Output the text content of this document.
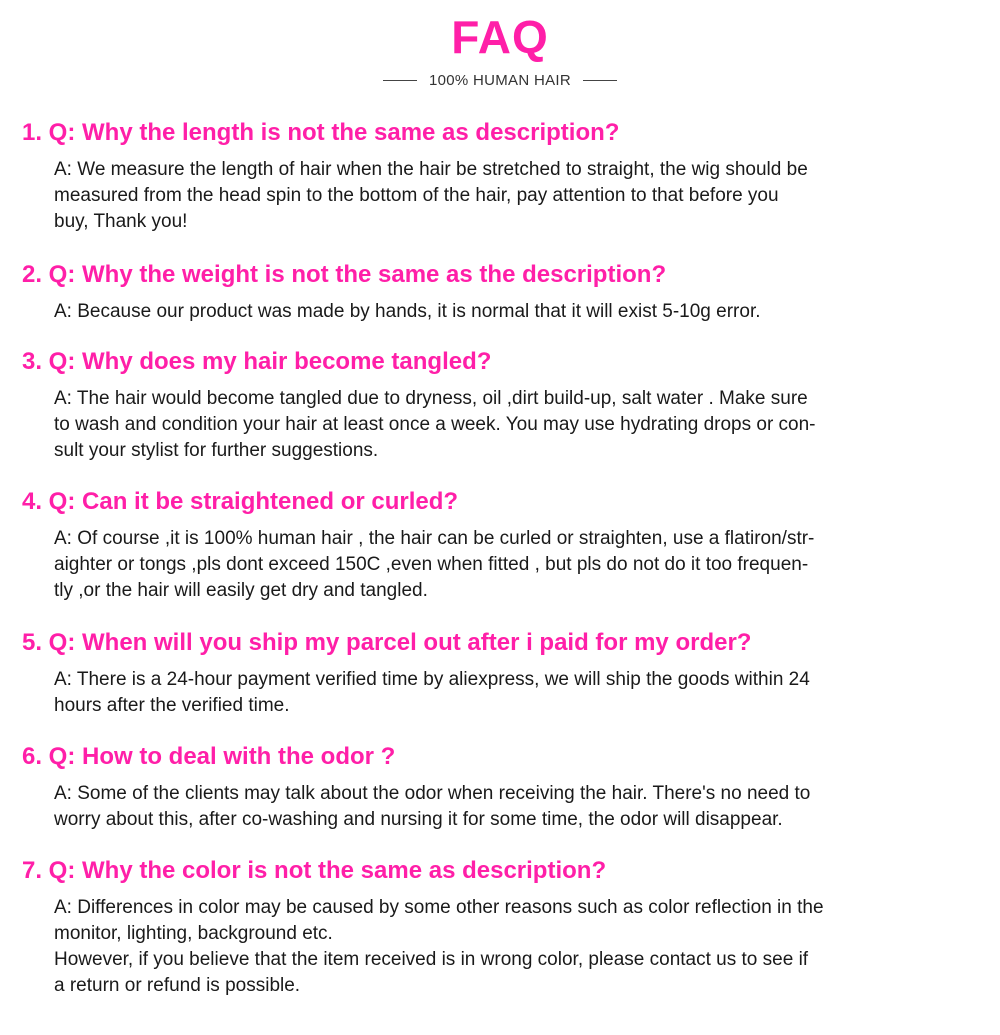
FAQ
100% HUMAN HAIR
1. Q: Why the length is not the same as description?
A: We measure the length of hair when the hair be stretched to straight, the wig should be
measured from the head spin to the bottom of the hair, pay attention to that before you
buy, Thank you!
2. Q: Why the weight is not the same as the description?
A: Because our product was made by hands, it is normal that it will exist 5-10g error.
3. Q: Why does my hair become tangled?
A: The hair would become tangled due to dryness, oil ,dirt build-up, salt water . Make sure
to wash and condition your hair at least once a week. You may use hydrating drops or con-
sult your stylist for further suggestions.
4. Q: Can it be straightened or curled?
A: Of course ,it is 100% human hair , the hair can be curled or straighten, use a flatiron/str-
aighter or tongs ,pls dont exceed 150C ,even when fitted , but pls do not do it too frequen-
tly ,or the hair will easily get dry and tangled.
5. Q: When will you ship my parcel out after i paid for my order?
A: There is a 24-hour payment verified time by aliexpress, we will ship the goods within 24
hours after the verified time.
6. Q: How to deal with the odor ?
A: Some of the clients may talk about the odor when receiving the hair. There's no need to
worry about this, after co-washing and nursing it for some time, the odor will disappear.
7. Q: Why the color is not the same as description?
A: Differences in color may be caused by some other reasons such as color reflection in the
monitor, lighting, background etc.
However, if you believe that the item received is in wrong color, please contact us to see if
a return or refund is possible.
